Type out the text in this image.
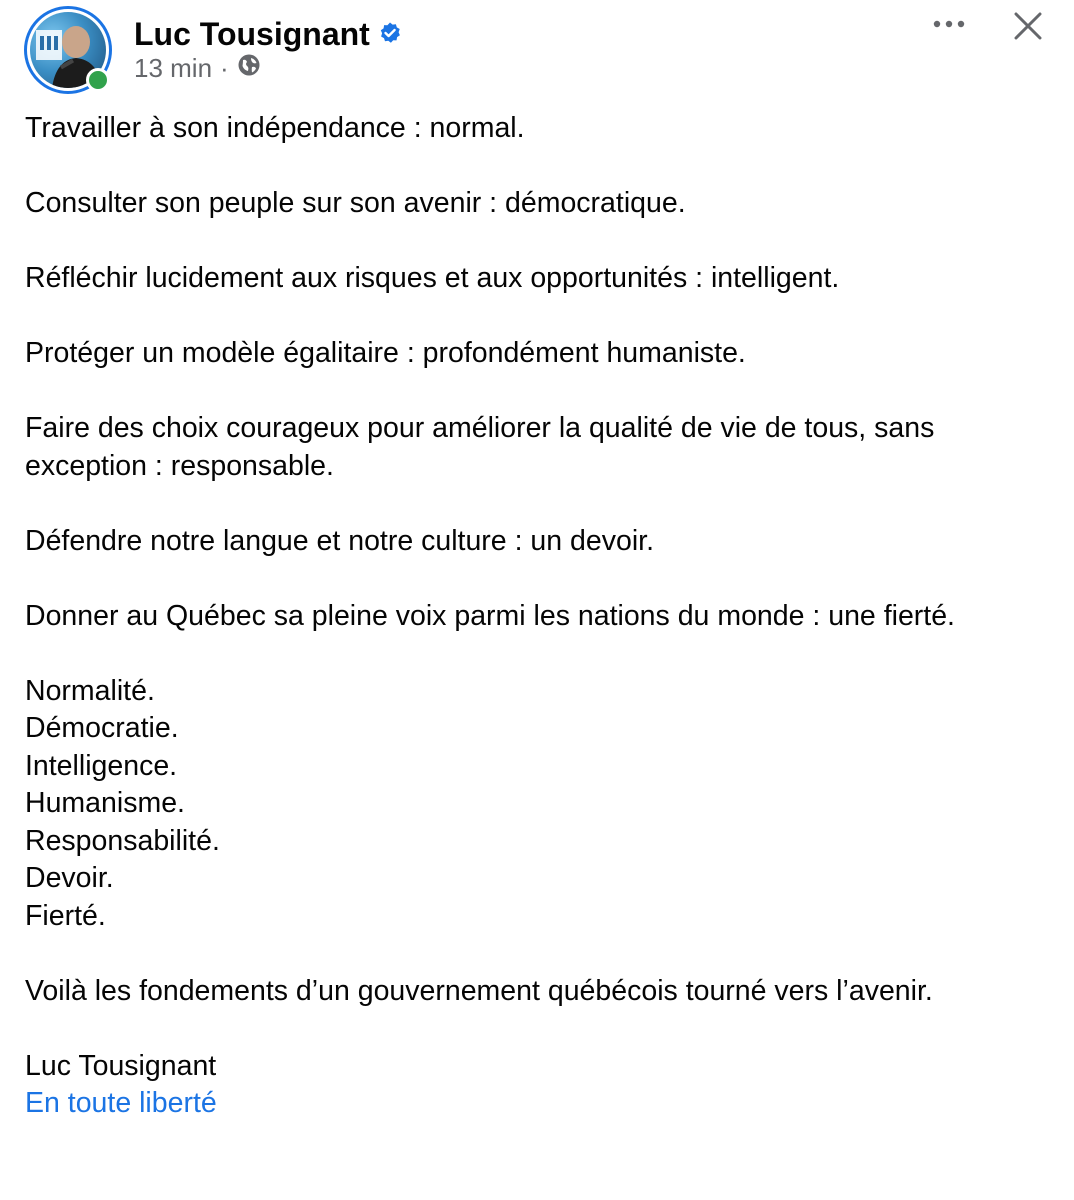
Luc Tousignant
13 min ·

Travailler à son indépendance : normal.

Consulter son peuple sur son avenir : démocratique.

Réfléchir lucidement aux risques et aux opportunités : intelligent.

Protéger un modèle égalitaire : profondément humaniste.

Faire des choix courageux pour améliorer la qualité de vie de tous, sans exception : responsable.

Défendre notre langue et notre culture : un devoir.

Donner au Québec sa pleine voix parmi les nations du monde : une fierté.

Normalité.
Démocratie.
Intelligence.
Humanisme.
Responsabilité.
Devoir.
Fierté.

Voilà les fondements d’un gouvernement québécois tourné vers l’avenir.

Luc Tousignant
En toute liberté
